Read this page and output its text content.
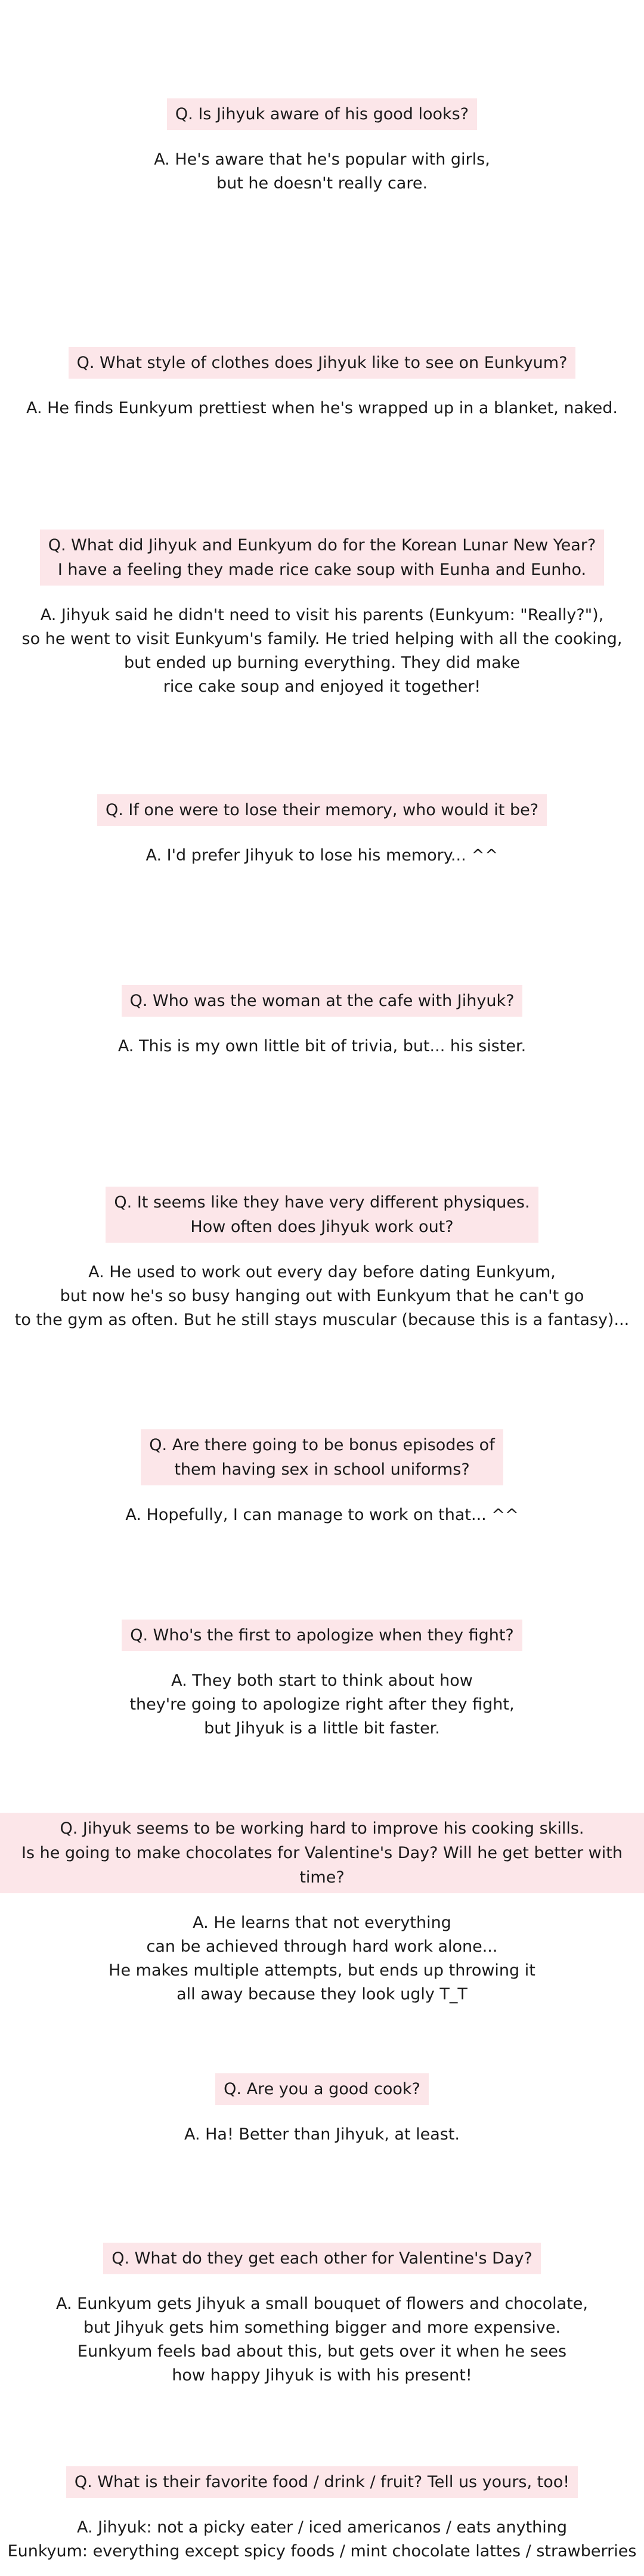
Q. Is Jihyuk aware of his good looks?
A. He's aware that he's popular with girls,
but he doesn't really care.
Q. What style of clothes does Jihyuk like to see on Eunkyum?
A. He finds Eunkyum prettiest when he's wrapped up in a blanket, naked.
Q. What did Jihyuk and Eunkyum do for the Korean Lunar New Year?
I have a feeling they made rice cake soup with Eunha and Eunho.
A. Jihyuk said he didn't need to visit his parents (Eunkyum: "Really?"),
so he went to visit Eunkyum's family. He tried helping with all the cooking,
but ended up burning everything. They did make
rice cake soup and enjoyed it together!
Q. If one were to lose their memory, who would it be?
A. I'd prefer Jihyuk to lose his memory... ^^
Q. Who was the woman at the cafe with Jihyuk?
A. This is my own little bit of trivia, but... his sister.
Q. It seems like they have very different physiques.
How often does Jihyuk work out?
A. He used to work out every day before dating Eunkyum,
but now he's so busy hanging out with Eunkyum that he can't go
to the gym as often. But he still stays muscular (because this is a fantasy)...
Q. Are there going to be bonus episodes of
them having sex in school uniforms?
A. Hopefully, I can manage to work on that... ^^
Q. Who's the first to apologize when they fight?
A. They both start to think about how
they're going to apologize right after they fight,
but Jihyuk is a little bit faster.
Q. Jihyuk seems to be working hard to improve his cooking skills.
Is he going to make chocolates for Valentine's Day? Will he get better with time?
A. He learns that not everything
can be achieved through hard work alone...
He makes multiple attempts, but ends up throwing it
all away because they look ugly T_T
Q. Are you a good cook?
A. Ha! Better than Jihyuk, at least.
Q. What do they get each other for Valentine's Day?
A. Eunkyum gets Jihyuk a small bouquet of flowers and chocolate,
but Jihyuk gets him something bigger and more expensive.
Eunkyum feels bad about this, but gets over it when he sees
how happy Jihyuk is with his present!
Q. What is their favorite food / drink / fruit? Tell us yours, too!
A. Jihyuk: not a picky eater / iced americanos / eats anything
Eunkyum: everything except spicy foods / mint chocolate lattes / strawberries
